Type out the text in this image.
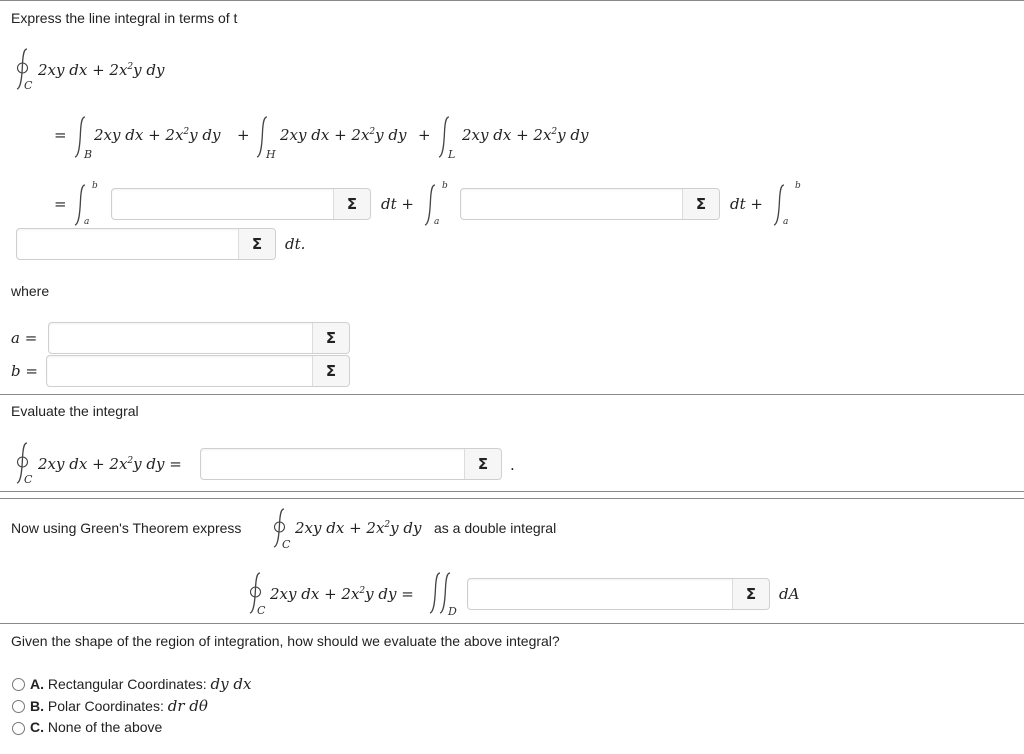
Express the line integral in terms of t
C
2xy dx + $2x^2y$ dy
=
B
2xy dx + $2x^2y$ dy +
H
2xy dx + $2x^2y$ dy +
L
2xy dx + $2x^2y$ dy
=
b
a
Σ	dt +
b
a
Σ	dt +
b
a
Σ	dt.
where
a =	Σ
b =	Σ
Evaluate the integral
C
2xy dx + $2x^2y$ dy =	Σ	.
Now using Green's Theorem express
C
2xy dx + $2x^2y$ dy as a double integral
C
2xy dx + $2x^2y$ dy =
D
Σ	dA
Given the shape of the region of integration, how should we evaluate the above integral?
A. Rectangular Coordinates: dy dx
B. Polar Coordinates: dr dθ
C. None of the above
